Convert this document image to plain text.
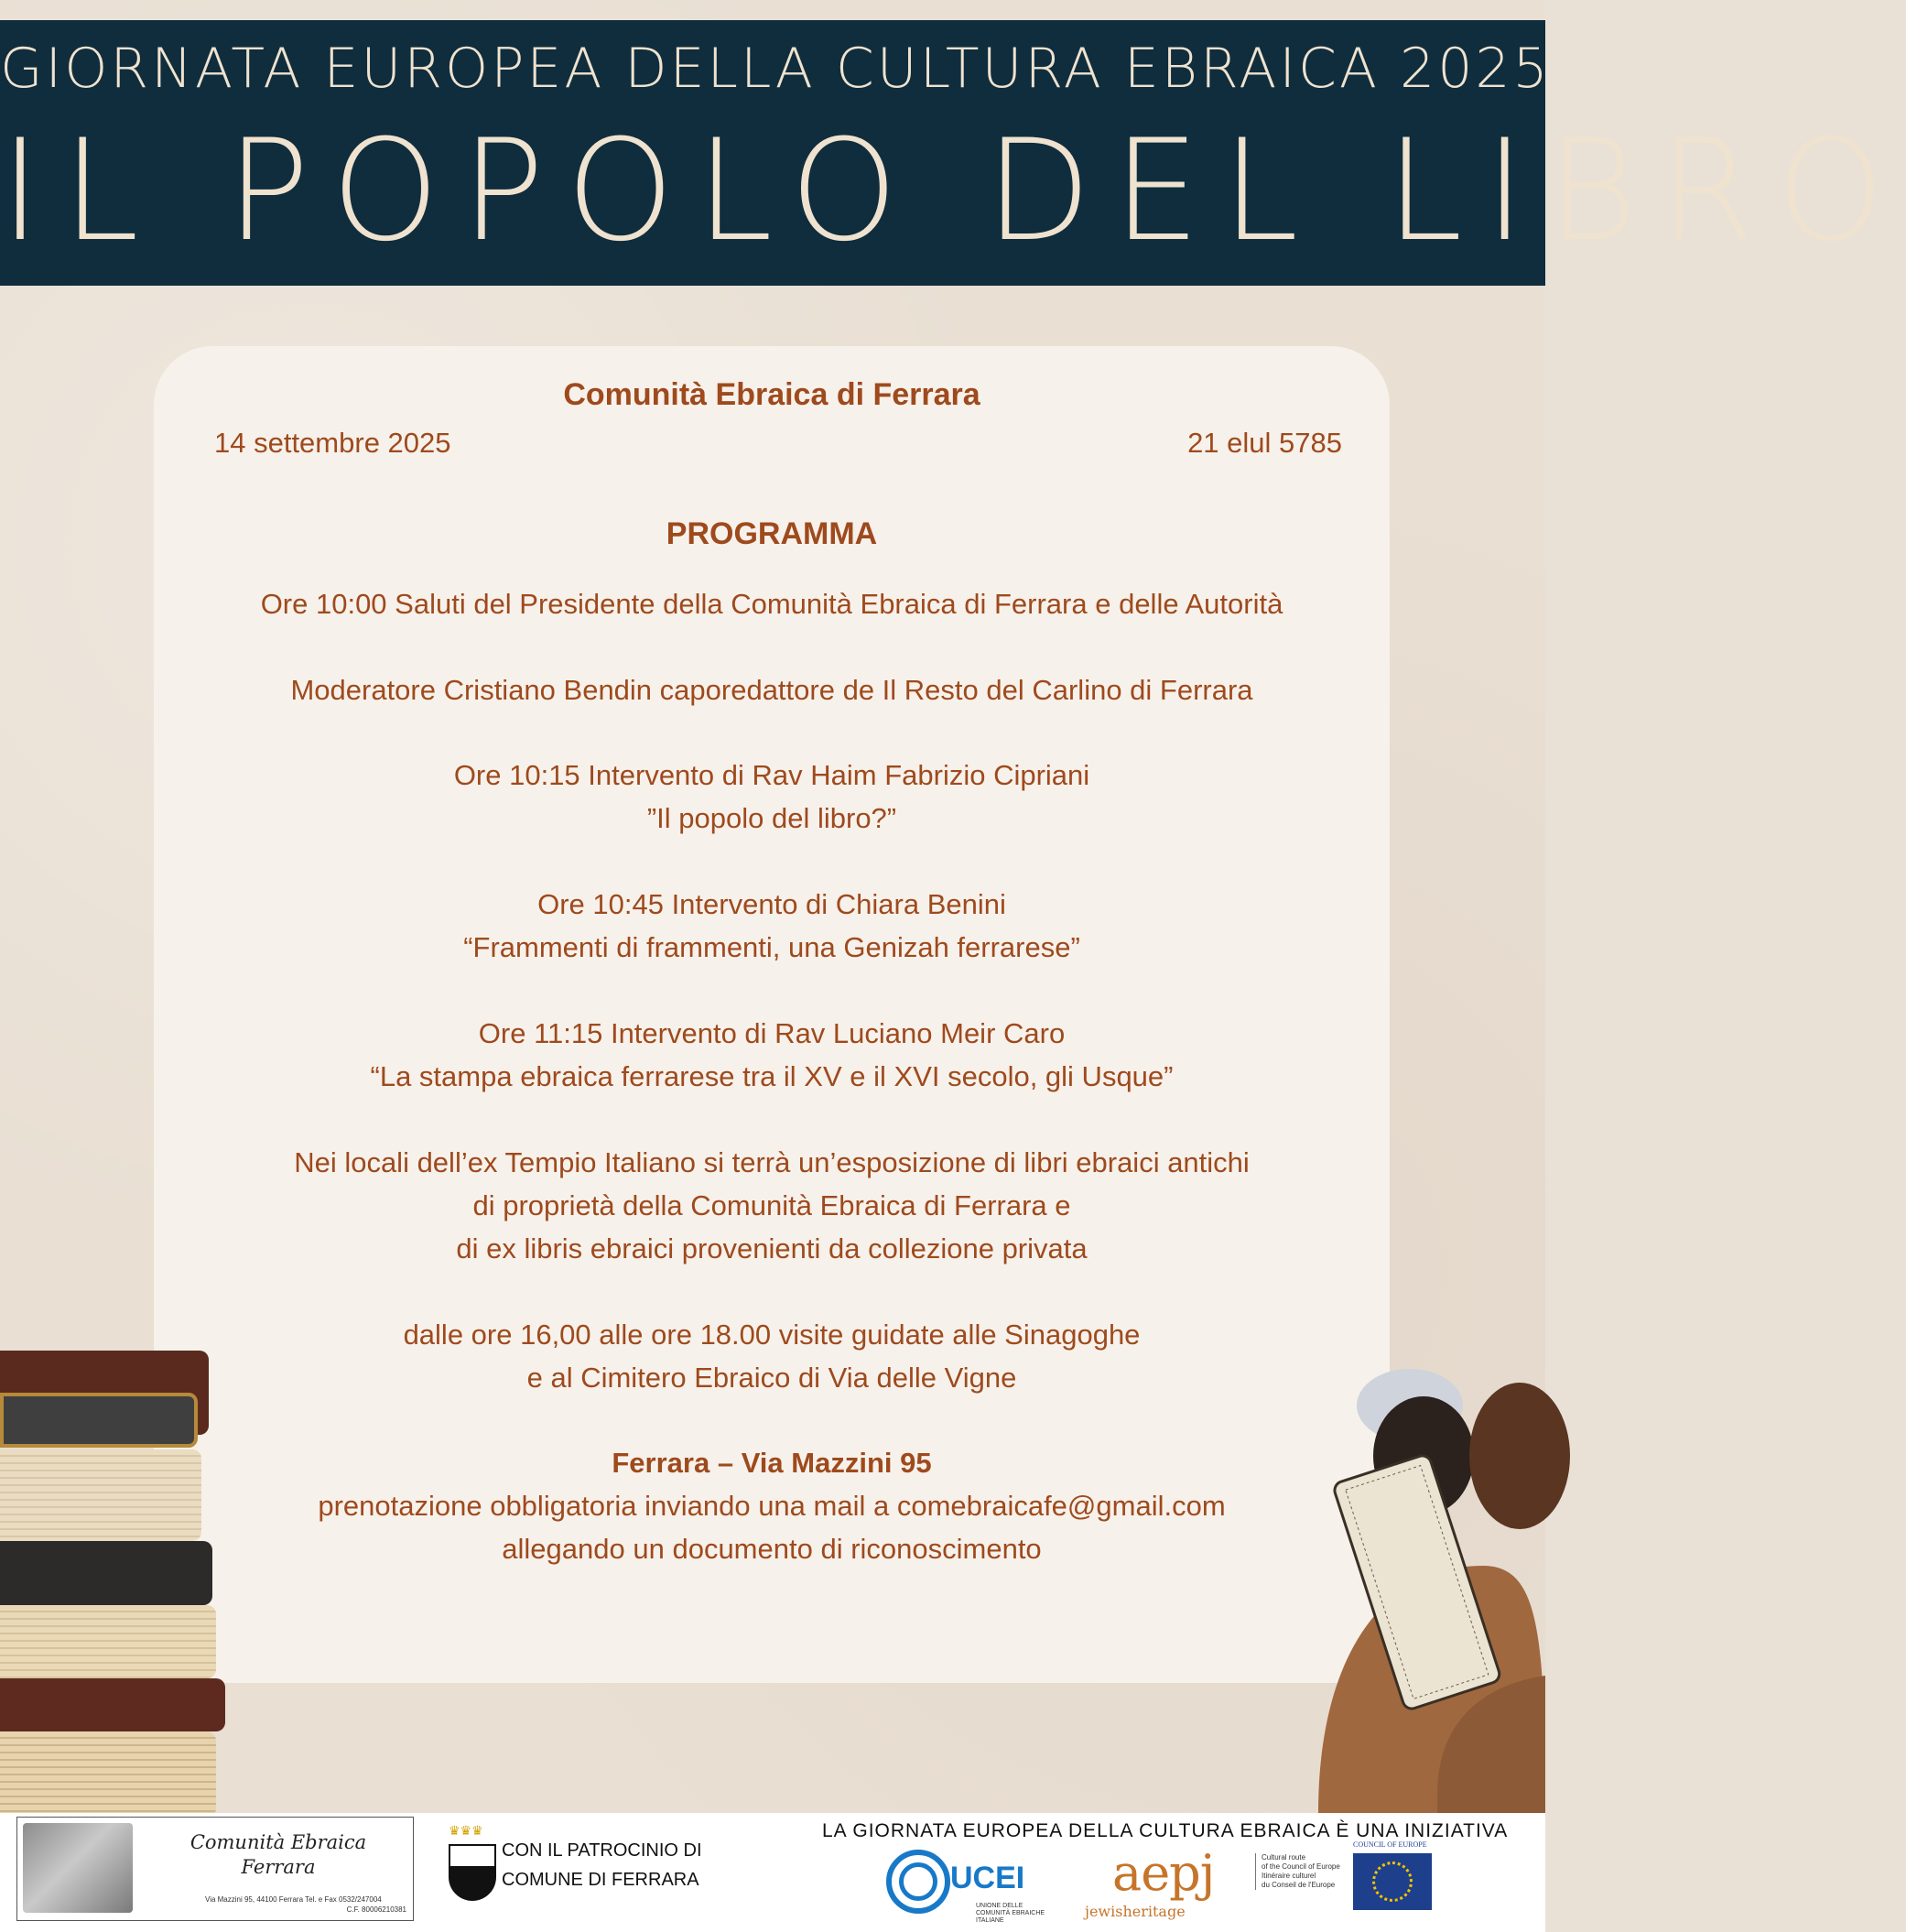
GIORNATA EUROPEA DELLA CULTURA EBRAICA 2025
IL POPOLO DEL LIBRO
Comunità Ebraica di Ferrara
14 settembre 2025	21 elul 5785
PROGRAMMA
Ore 10:00 Saluti del Presidente della Comunità Ebraica di Ferrara e delle Autorità
Moderatore Cristiano Bendin caporedattore de Il Resto del Carlino di Ferrara
Ore 10:15 Intervento di Rav Haim Fabrizio Cipriani
”Il popolo del libro?”
Ore 10:45 Intervento di Chiara Benini
“Frammenti di frammenti, una Genizah ferrarese”
Ore 11:15 Intervento di Rav Luciano Meir Caro
“La stampa ebraica ferrarese tra il XV e il XVI secolo, gli Usque”
Nei locali dell’ex Tempio Italiano si terrà un’esposizione di libri ebraici antichi
di proprietà della Comunità Ebraica di Ferrara e
di ex libris ebraici provenienti da collezione privata
dalle ore 16,00 alle ore 18.00 visite guidate alle Sinagoghe
e al Cimitero Ebraico di Via delle Vigne
Ferrara – Via Mazzini 95
prenotazione obbligatoria inviando una mail a comebraicafe@gmail.com
allegando un documento di riconoscimento
Comunità Ebraica
Ferrara
Via Mazzini 95, 44100 Ferrara Tel. e Fax 0532/247004
C.F. 80006210381
♛♛♛
CON IL PATROCINIO DI
COMUNE DI FERRARA
LA GIORNATA EUROPEA DELLA CULTURA EBRAICA È UNA INIZIATIVA
UCEI
UNIONE DELLE COMUNITÀ EBRAICHE ITALIANE
aepj
jewisheritage
Cultural route
of the Council of Europe
Itinéraire culturel
du Conseil de l'Europe
COUNCIL OF EUROPE
